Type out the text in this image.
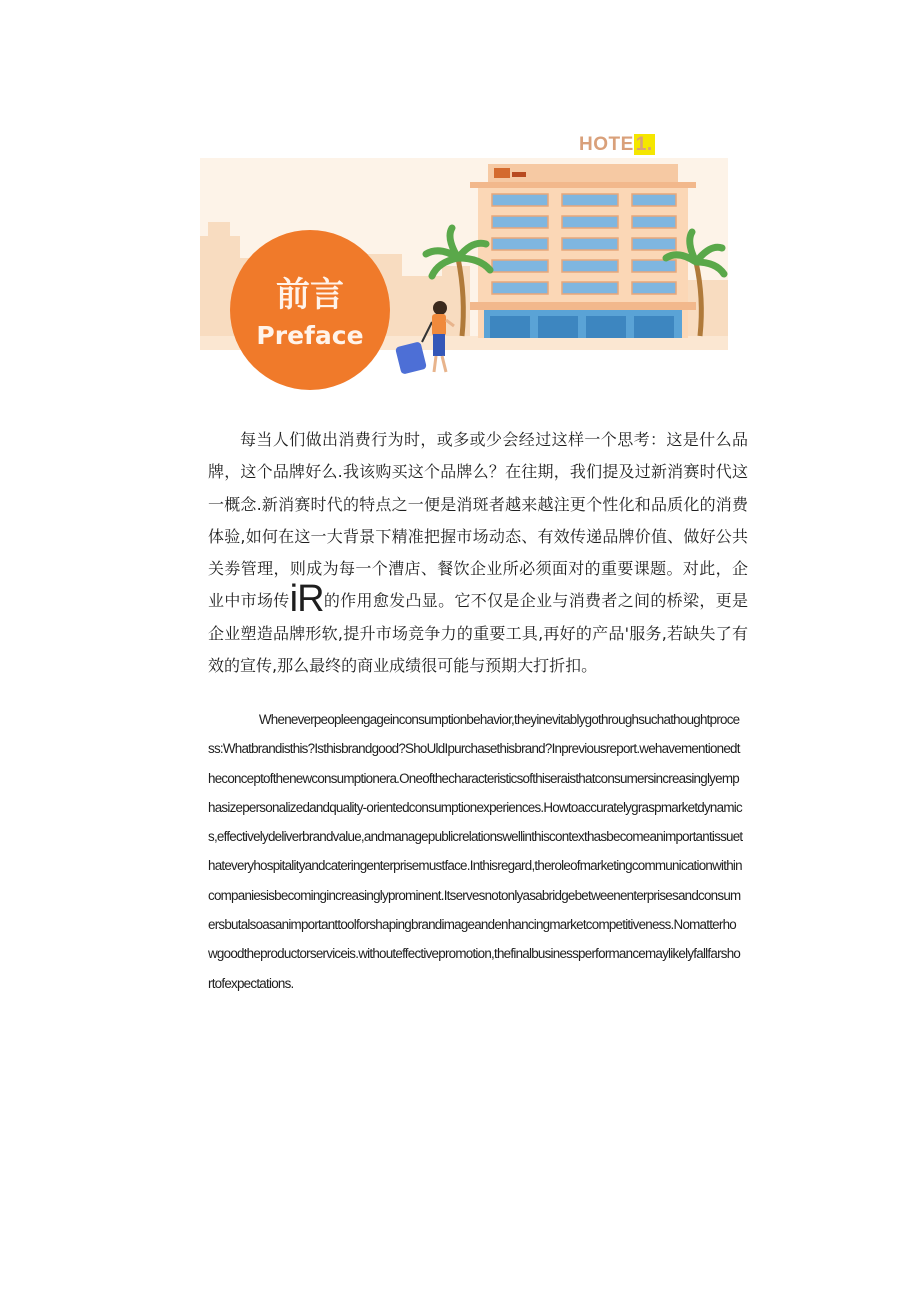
HOTE 1.
前言
Preface

每当人们做出消费行为时，或多或少会经过这样一个思考：这是什么品牌，这个品牌好么.我该购买这个品牌么？在往期，我们提及过新消赛时代这一概念.新消赛时代的特点之一便是消斑者越来越注更个性化和品质化的消费体验,如何在这一大背景下精准把握市场动态、有效传递品牌价值、做好公共关劵管理，则成为每一个漕店、餐饮企业所必须面对的重要课题。对此，企业中市场传iR的作用愈发凸显。它不仅是企业与消费者之间的桥梁，更是企业塑造品牌形软,提升市场竞争力的重要工具,再好的产品'服务,若缺失了有效的宣传,那么最终的商业成绩很可能与预期大打折扣。

Wheneverpeopleengageinconsumptionbehavior,theyinevitablygothroughsuchathoughtprocess:Whatbrandisthis?Isthisbrandgood?ShoUldIpurchasethisbrand?Inpreviousreport.wehavementionedtheconceptofthenewconsumptionera.Oneofthecharacteristicsofthiseraisthatconsumersincreasinglyemphasizepersonalizedandquality-orientedconsumptionexperiences.Howtoaccuratelygraspmarketdynamics,effectivelydeliverbrandvalue,andmanagepublicrelationswellinthiscontexthasbecomeanimportantissuethateveryhospitalityandcateringenterprisemustface.Inthisregard,theroleofmarketingcommunicationwithincompaniesisbecomingincreasinglyprominent.Itservesnotonlyasabridgebetweenenterprisesandconsumersbutalsoasanimportanttoolforshapingbrandimageandenhancingmarketcompetitiveness.Nomatterhowgoodtheproductorserviceis.withouteffectivepromotion,thefinalbusinessperformancemaylikelyfallfarshortofexpectations.
